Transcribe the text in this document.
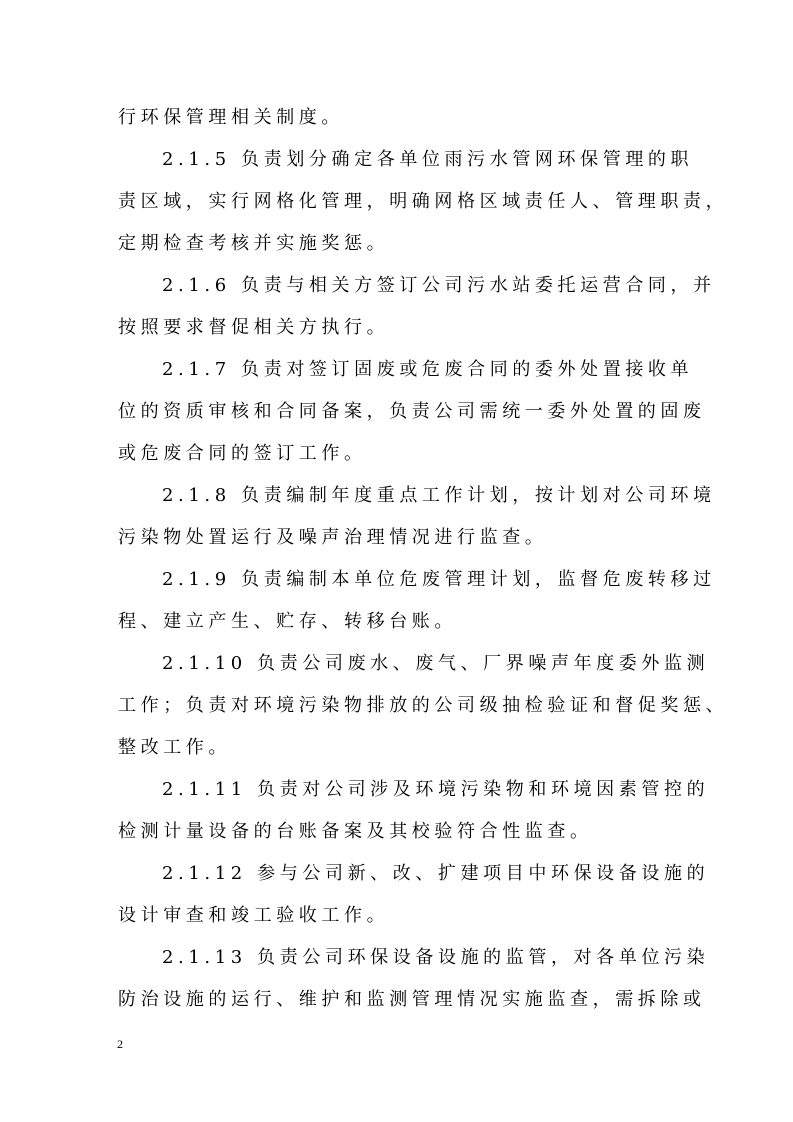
行环保管理相关制度。
2.1.5 负责划分确定各单位雨污水管网环保管理的职
责区域，实行网格化管理，明确网格区域责任人、管理职责，
定期检查考核并实施奖惩。
2.1.6 负责与相关方签订公司污水站委托运营合同，并
按照要求督促相关方执行。
2.1.7 负责对签订固废或危废合同的委外处置接收单
位的资质审核和合同备案，负责公司需统一委外处置的固废
或危废合同的签订工作。
2.1.8 负责编制年度重点工作计划，按计划对公司环境
污染物处置运行及噪声治理情况进行监查。
2.1.9 负责编制本单位危废管理计划，监督危废转移过
程、建立产生、贮存、转移台账。
2.1.10 负责公司废水、废气、厂界噪声年度委外监测
工作；负责对环境污染物排放的公司级抽检验证和督促奖惩、
整改工作。
2.1.11 负责对公司涉及环境污染物和环境因素管控的
检测计量设备的台账备案及其校验符合性监查。
2.1.12 参与公司新、改、扩建项目中环保设备设施的
设计审查和竣工验收工作。
2.1.13 负责公司环保设备设施的监管，对各单位污染
防治设施的运行、维护和监测管理情况实施监查，需拆除或
2
